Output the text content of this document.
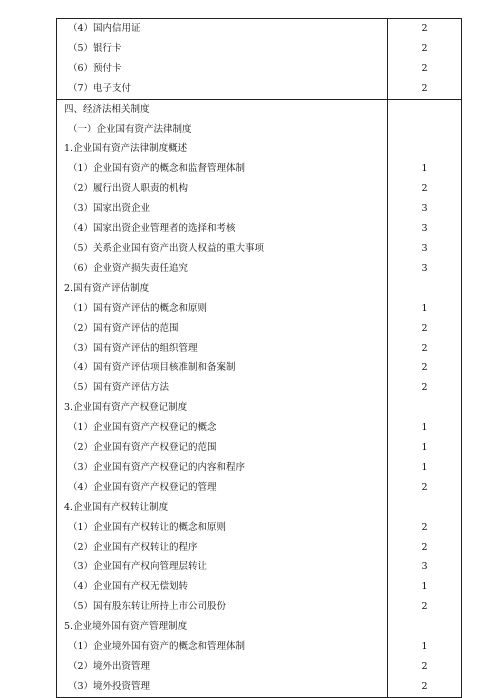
（4）国内信用证	2
（5）银行卡	2
（6）预付卡	2
（7）电子支付	2
四、经济法相关制度	
（一）企业国有资产法律制度	
1.企业国有资产法律制度概述	
（1）企业国有资产的概念和监督管理体制	1
（2）履行出资人职责的机构	2
（3）国家出资企业	3
（4）国家出资企业管理者的选择和考核	3
（5）关系企业国有资产出资人权益的重大事项	3
（6）企业资产损失责任追究	3
2.国有资产评估制度	
（1）国有资产评估的概念和原则	1
（2）国有资产评估的范围	2
（3）国有资产评估的组织管理	2
（4）国有资产评估项目核准制和备案制	2
（5）国有资产评估方法	2
3.企业国有资产产权登记制度	
（1）企业国有资产产权登记的概念	1
（2）企业国有资产产权登记的范围	1
（3）企业国有资产产权登记的内容和程序	1
（4）企业国有资产产权登记的管理	2
4.企业国有产权转让制度	
（1）企业国有产权转让的概念和原则	2
（2）企业国有产权转让的程序	2
（3）企业国有产权向管理层转让	3
（4）企业国有产权无偿划转	1
（5）国有股东转让所持上市公司股份	2
5.企业境外国有资产管理制度	
（1）企业境外国有资产的概念和管理体制	1
（2）境外出资管理	2
（3）境外投资管理	2
